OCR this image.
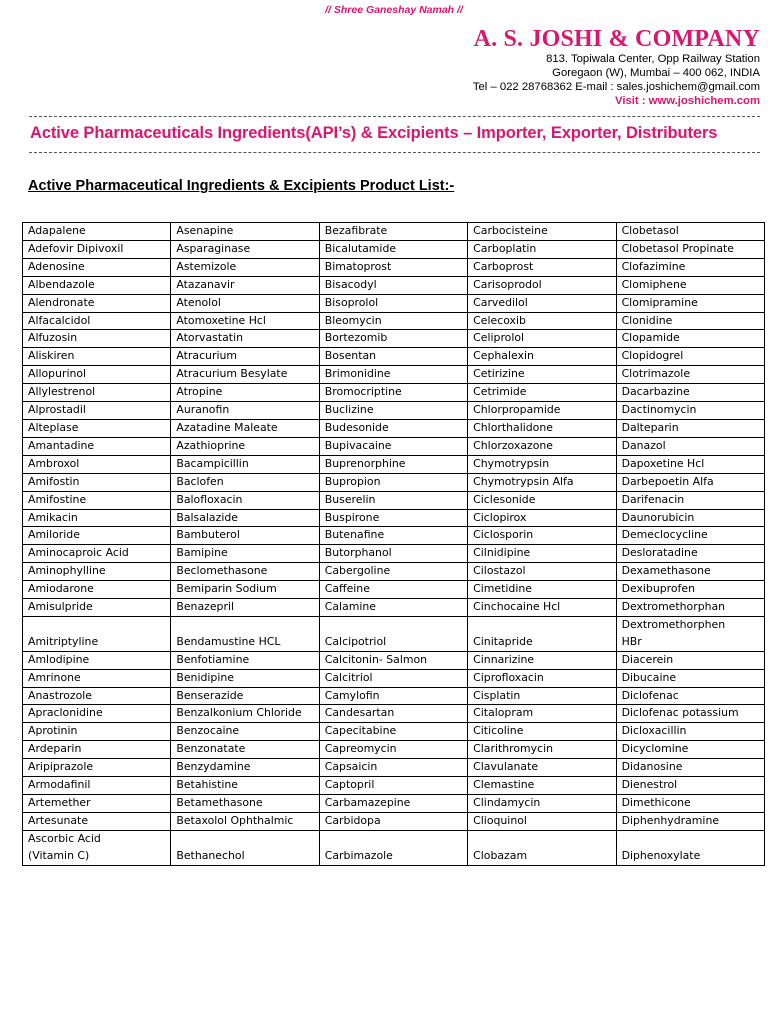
// Shree Ganeshay Namah //
A. S. JOSHI & COMPANY
813. Topiwala Center, Opp Railway Station
Goregaon (W), Mumbai – 400 062, INDIA
Tel – 022 28768362 E-mail : sales.joshichem@gmail.com
Visit : www.joshichem.com
Active Pharmaceuticals Ingredients(API’s) & Excipients – Importer, Exporter, Distributers
Active Pharmaceutical Ingredients & Excipients Product List:-
Adapalene	Asenapine	Bezafibrate	Carbocisteine	Clobetasol
Adefovir Dipivoxil	Asparaginase	Bicalutamide	Carboplatin	Clobetasol Propinate
Adenosine	Astemizole	Bimatoprost	Carboprost	Clofazimine
Albendazole	Atazanavir	Bisacodyl	Carisoprodol	Clomiphene
Alendronate	Atenolol	Bisoprolol	Carvedilol	Clomipramine
Alfacalcidol	Atomoxetine Hcl	Bleomycin	Celecoxib	Clonidine
Alfuzosin	Atorvastatin	Bortezomib	Celiprolol	Clopamide
Aliskiren	Atracurium	Bosentan	Cephalexin	Clopidogrel
Allopurinol	Atracurium Besylate	Brimonidine	Cetirizine	Clotrimazole
Allylestrenol	Atropine	Bromocriptine	Cetrimide	Dacarbazine
Alprostadil	Auranofin	Buclizine	Chlorpropamide	Dactinomycin
Alteplase	Azatadine Maleate	Budesonide	Chlorthalidone	Dalteparin
Amantadine	Azathioprine	Bupivacaine	Chlorzoxazone	Danazol
Ambroxol	Bacampicillin	Buprenorphine	Chymotrypsin	Dapoxetine Hcl
Amifostin	Baclofen	Bupropion	Chymotrypsin Alfa	Darbepoetin Alfa
Amifostine	Balofloxacin	Buserelin	Ciclesonide	Darifenacin
Amikacin	Balsalazide	Buspirone	Ciclopirox	Daunorubicin
Amiloride	Bambuterol	Butenafine	Ciclosporin	Demeclocycline
Aminocaproic Acid	Bamipine	Butorphanol	Cilnidipine	Desloratadine
Aminophylline	Beclomethasone	Cabergoline	Cilostazol	Dexamethasone
Amiodarone	Bemiparin Sodium	Caffeine	Cimetidine	Dexibuprofen
Amisulpride	Benazepril	Calamine	Cinchocaine Hcl	Dextromethorphan
Amitriptyline	Bendamustine HCL	Calcipotriol	Cinitapride	Dextromethorphen
HBr
Amlodipine	Benfotiamine	Calcitonin- Salmon	Cinnarizine	Diacerein
Amrinone	Benidipine	Calcitriol	Ciprofloxacin	Dibucaine
Anastrozole	Benserazide	Camylofin	Cisplatin	Diclofenac
Apraclonidine	Benzalkonium Chloride	Candesartan	Citalopram	Diclofenac potassium
Aprotinin	Benzocaine	Capecitabine	Citicoline	Dicloxacillin
Ardeparin	Benzonatate	Capreomycin	Clarithromycin	Dicyclomine
Aripiprazole	Benzydamine	Capsaicin	Clavulanate	Didanosine
Armodafinil	Betahistine	Captopril	Clemastine	Dienestrol
Artemether	Betamethasone	Carbamazepine	Clindamycin	Dimethicone
Artesunate	Betaxolol Ophthalmic	Carbidopa	Clioquinol	Diphenhydramine
Ascorbic Acid
(Vitamin C)	Bethanechol	Carbimazole	Clobazam	Diphenoxylate
